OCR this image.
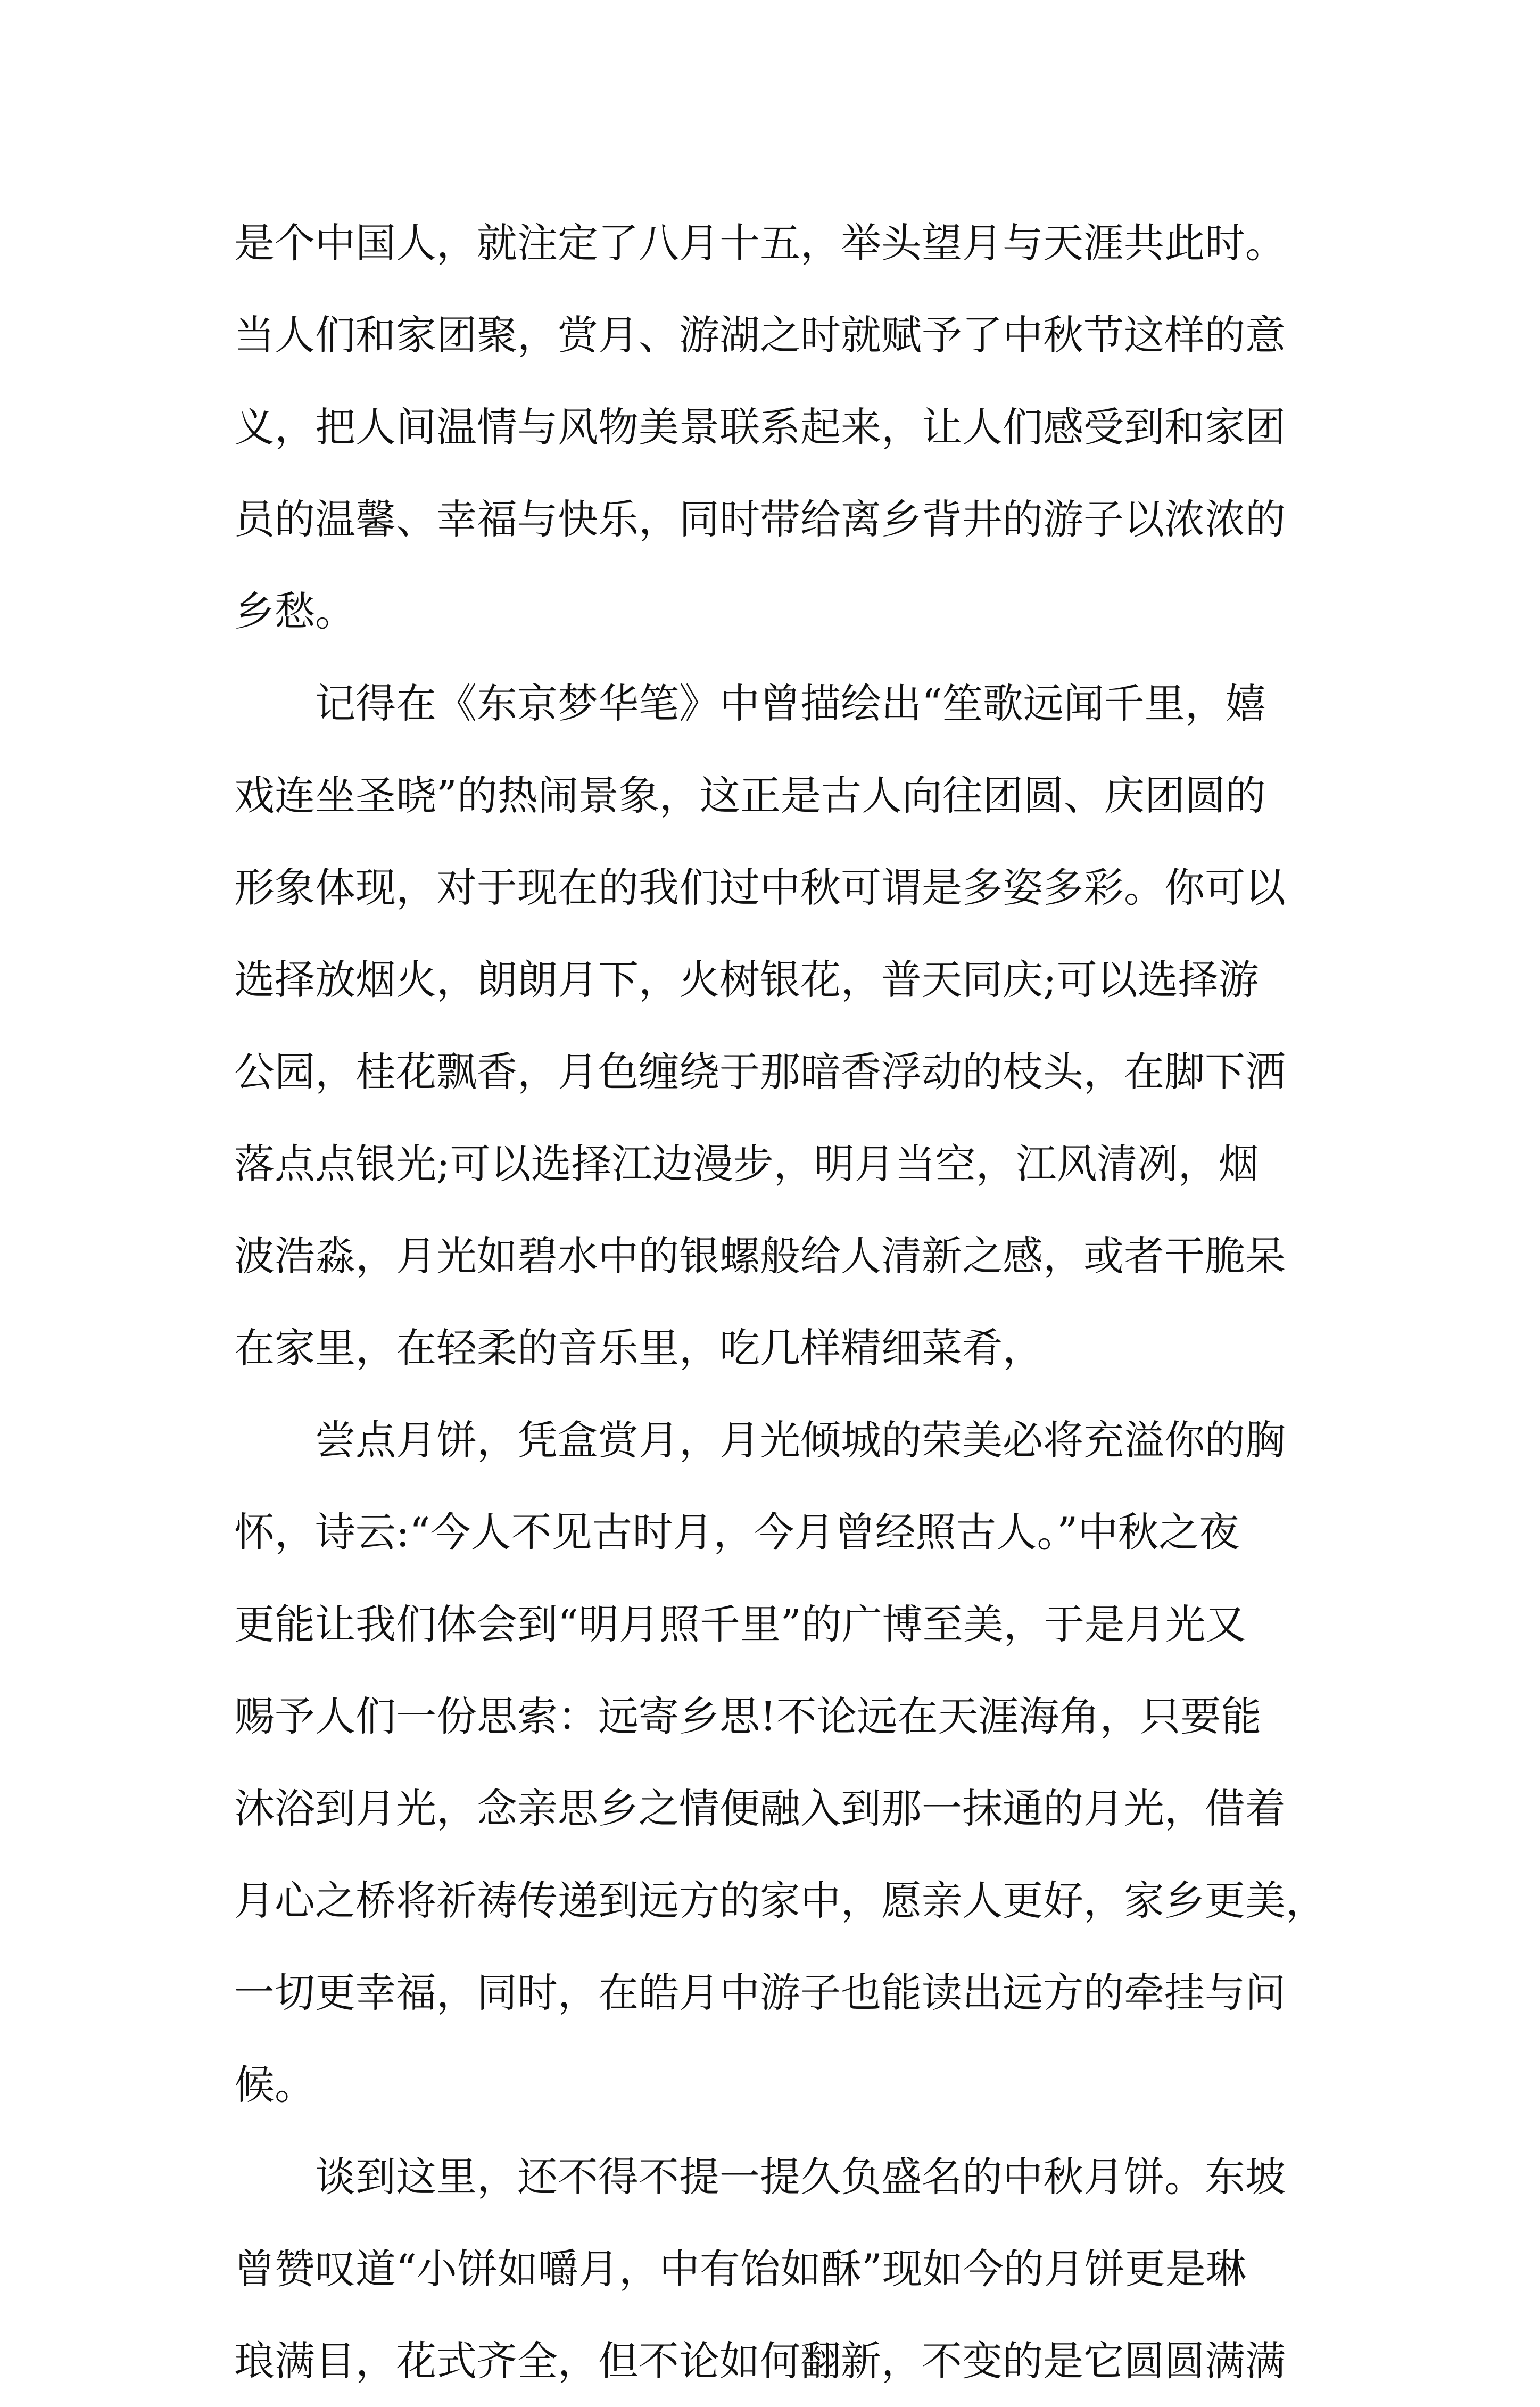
是个中国人，就注定了八月十五，举头望月与天涯共此时。
当人们和家团聚，赏月、游湖之时就赋予了中秋节这样的意
义，把人间温情与风物美景联系起来，让人们感受到和家团
员的温馨、幸福与快乐，同时带给离乡背井的游子以浓浓的
乡愁。
记得在《东京梦华笔》中曾描绘出“笙歌远闻千里，嬉
戏连坐圣晓”的热闹景象，这正是古人向往团圆、庆团圆的
形象体现，对于现在的我们过中秋可谓是多姿多彩。你可以
选择放烟火，朗朗月下，火树银花，普天同庆;可以选择游
公园，桂花飘香，月色缠绕于那暗香浮动的枝头，在脚下洒
落点点银光;可以选择江边漫步，明月当空，江风清冽，烟
波浩淼，月光如碧水中的银螺般给人清新之感，或者干脆呆
在家里，在轻柔的音乐里，吃几样精细菜肴，
尝点月饼，凭盒赏月，月光倾城的荣美必将充溢你的胸
怀，诗云:“今人不见古时月，今月曾经照古人。”中秋之夜
更能让我们体会到“明月照千里”的广博至美，于是月光又
赐予人们一份思索：远寄乡思!不论远在天涯海角，只要能
沐浴到月光，念亲思乡之情便融入到那一抹通的月光，借着
月心之桥将祈祷传递到远方的家中，愿亲人更好，家乡更美，
一切更幸福，同时，在皓月中游子也能读出远方的牵挂与问
候。
谈到这里，还不得不提一提久负盛名的中秋月饼。东坡
曾赞叹道“小饼如嚼月，中有饴如酥”现如今的月饼更是琳
琅满目，花式齐全，但不论如何翻新，不变的是它圆圆满满
